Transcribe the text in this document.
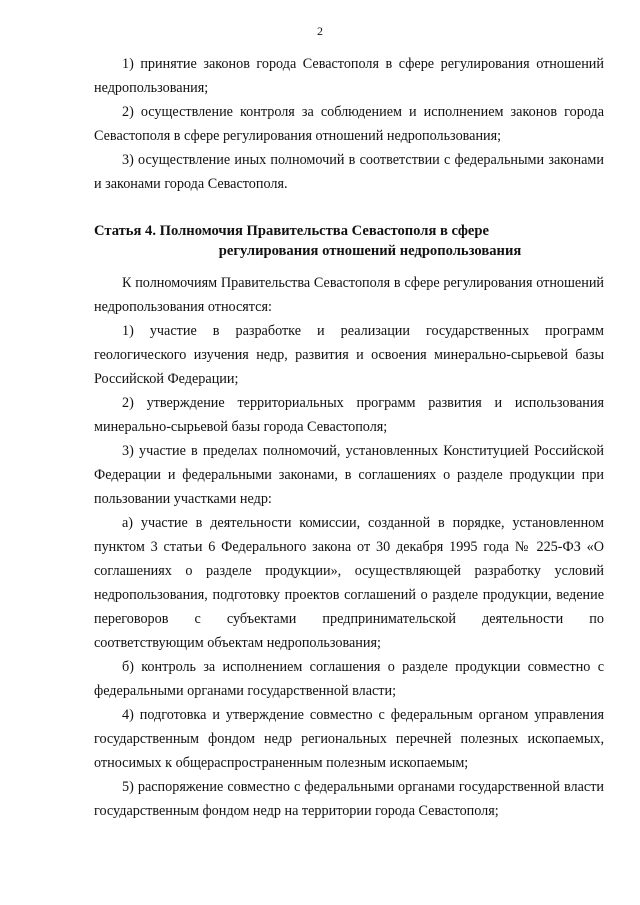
2

1) принятие законов города Севастополя в сфере регулирования отношений недропользования;

2) осуществление контроля за соблюдением и исполнением законов города Севастополя в сфере регулирования отношений недропользования;

3) осуществление иных полномочий в соответствии с федеральными законами и законами города Севастополя.

Статья 4. Полномочия Правительства Севастополя в сфере
регулирования отношений недропользования

К полномочиям Правительства Севастополя в сфере регулирования отношений недропользования относятся:

1) участие в разработке и реализации государственных программ геологического изучения недр, развития и освоения минерально-сырьевой базы Российской Федерации;

2) утверждение территориальных программ развития и использования минерально-сырьевой базы города Севастополя;

3) участие в пределах полномочий, установленных Конституцией Российской Федерации и федеральными законами, в соглашениях о разделе продукции при пользовании участками недр:

а) участие в деятельности комиссии, созданной в порядке, установленном пунктом 3 статьи 6 Федерального закона от 30 декабря 1995 года № 225-ФЗ «О соглашениях о разделе продукции», осуществляющей разработку условий недропользования, подготовку проектов соглашений о разделе продукции, ведение переговоров с субъектами предпринимательской деятельности по соответствующим объектам недропользования;

б) контроль за исполнением соглашения о разделе продукции совместно с федеральными органами государственной власти;

4) подготовка и утверждение совместно с федеральным органом управления государственным фондом недр региональных перечней полезных ископаемых, относимых к общераспространенным полезным ископаемым;

5) распоряжение совместно с федеральными органами государственной власти государственным фондом недр на территории города Севастополя;
